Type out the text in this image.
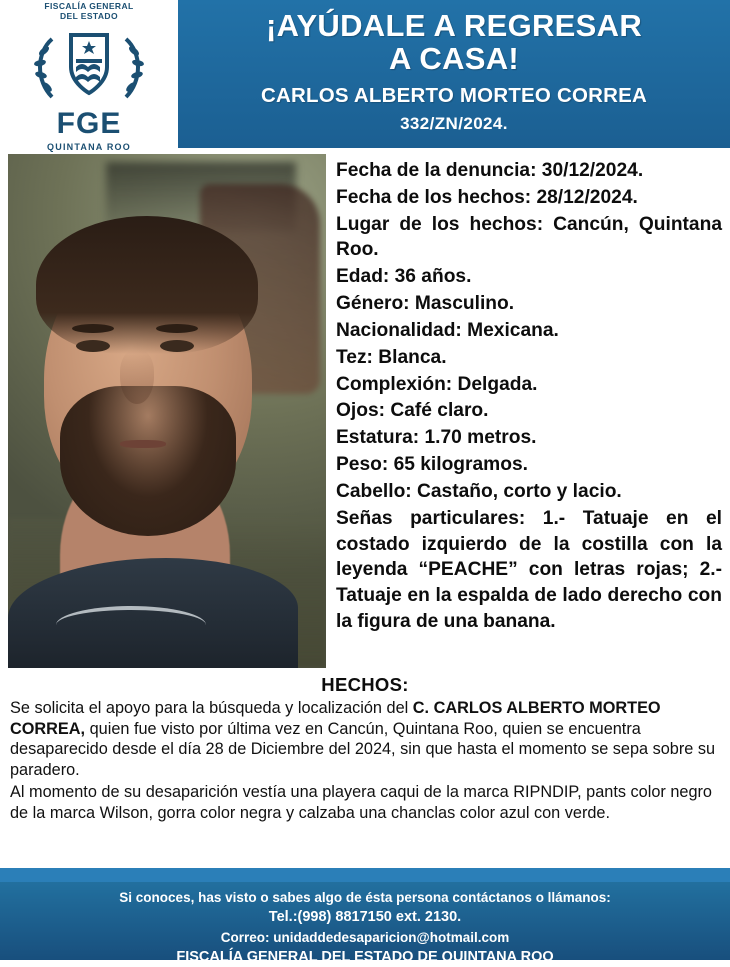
FISCALÍA GENERAL
DEL ESTADO
FGE
QUINTANA ROO
¡AYÚDALE A REGRESAR
A CASA!
CARLOS ALBERTO MORTEO CORREA
332/ZN/2024.

Fecha de la denuncia: 30/12/2024.

Fecha de los hechos: 28/12/2024.

Lugar de los hechos: Cancún, Quintana Roo.

Edad: 36 años.

Género: Masculino.

Nacionalidad: Mexicana.

Tez: Blanca.

Complexión: Delgada.

Ojos: Café claro.

Estatura: 1.70 metros.

Peso: 65 kilogramos.

Cabello: Castaño, corto y lacio.

Señas particulares: 1.- Tatuaje en el costado izquierdo de la costilla con la leyenda “PEACHE” con letras rojas; 2.- Tatuaje en la espalda de lado derecho con la figura de una banana.

HECHOS:

Se solicita el apoyo para la búsqueda y localización del C. CARLOS ALBERTO MORTEO CORREA, quien fue visto por última vez en Cancún, Quintana Roo, quien se encuentra desaparecido desde el día 28 de Diciembre del 2024, sin que hasta el momento se sepa sobre su paradero.

Al momento de su desaparición vestía una playera caqui de la marca RIPNDIP, pants color negro de la marca Wilson, gorra color negra y calzaba una chanclas color azul con verde.

Si conoces, has visto o sabes algo de ésta persona contáctanos o llámanos:
Tel.:(998) 8817150 ext. 2130.
Correo: unidaddedesaparicion@hotmail.com
FISCALÍA GENERAL DEL ESTADO DE QUINTANA ROO
